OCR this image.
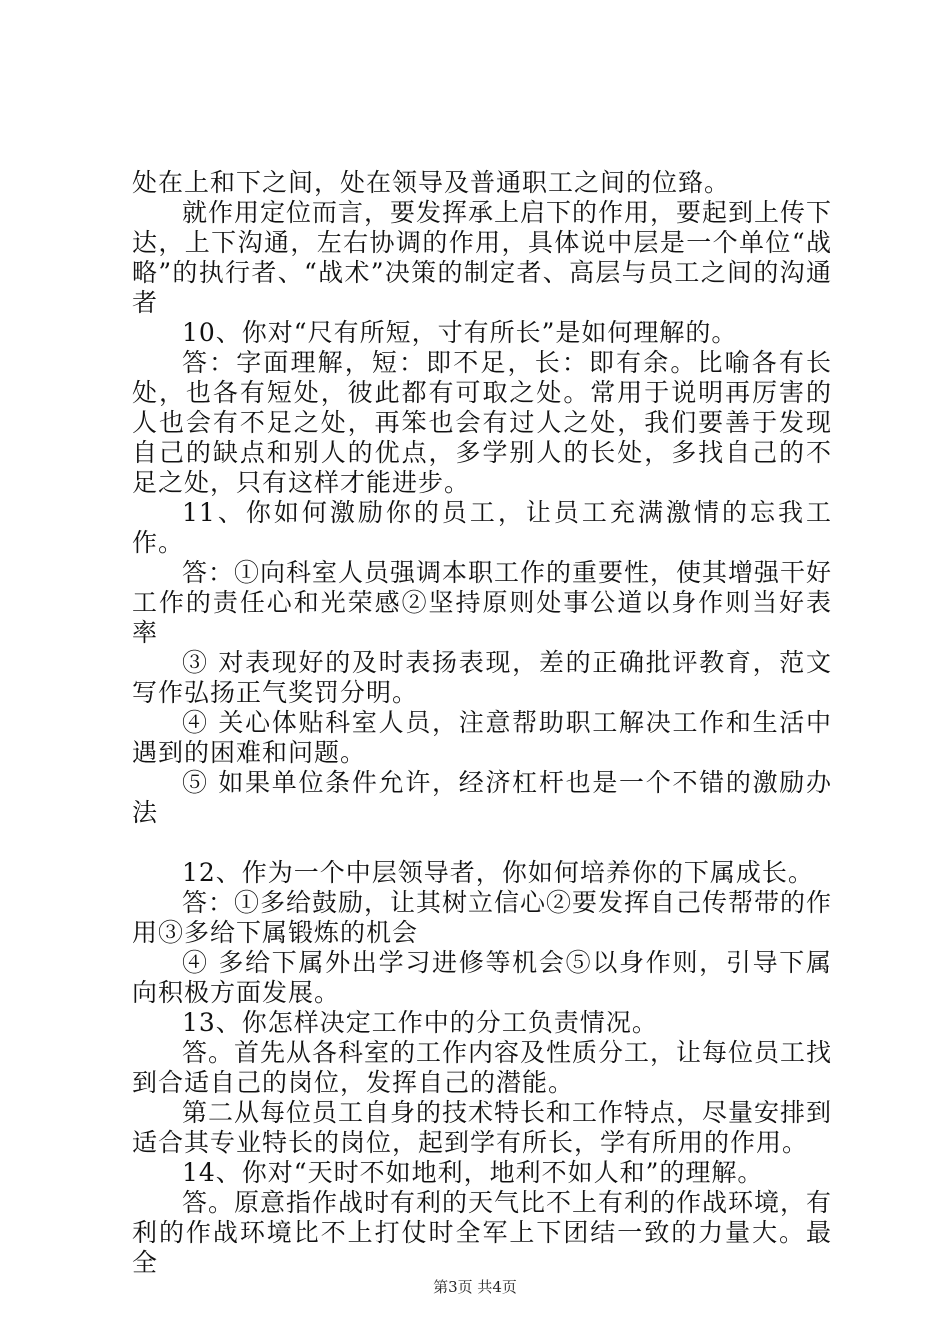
处在上和下之间，处在领导及普通职工之间的位臵。

就作用定位而言，要发挥承上启下的作用，要起到上传下达，上下沟通，左右协调的作用，具体说中层是一个单位“战略”的执行者、“战术”决策的制定者、高层与员工之间的沟通者

10、你对“尺有所短，寸有所长”是如何理解的。

答：字面理解，短：即不足，长：即有余。比喻各有长处，也各有短处，彼此都有可取之处。常用于说明再厉害的人也会有不足之处，再笨也会有过人之处，我们要善于发现自己的缺点和别人的优点，多学别人的长处，多找自己的不足之处，只有这样才能进步。

11、你如何激励你的员工，让员工充满激情的忘我工作。

答：①向科室人员强调本职工作的重要性，使其增强干好工作的责任心和光荣感②坚持原则处事公道以身作则当好表率

③ 对表现好的及时表扬表现，差的正确批评教育，范文写作弘扬正气奖罚分明。

④ 关心体贴科室人员，注意帮助职工解决工作和生活中遇到的困难和问题。

⑤ 如果单位条件允许，经济杠杆也是一个不错的激励办法

12、作为一个中层领导者，你如何培养你的下属成长。

答：①多给鼓励，让其树立信心②要发挥自己传帮带的作用③多给下属锻炼的机会

④ 多给下属外出学习进修等机会⑤以身作则，引导下属向积极方面发展。

13、你怎样决定工作中的分工负责情况。

答。首先从各科室的工作内容及性质分工，让每位员工找到合适自己的岗位，发挥自己的潜能。

第二从每位员工自身的技术特长和工作特点，尽量安排到适合其专业特长的岗位，起到学有所长，学有所用的作用。

14、你对“天时不如地利，地利不如人和”的理解。

答。原意指作战时有利的天气比不上有利的作战环境，有利的作战环境比不上打仗时全军上下团结一致的力量大。最全

第3页 共4页
